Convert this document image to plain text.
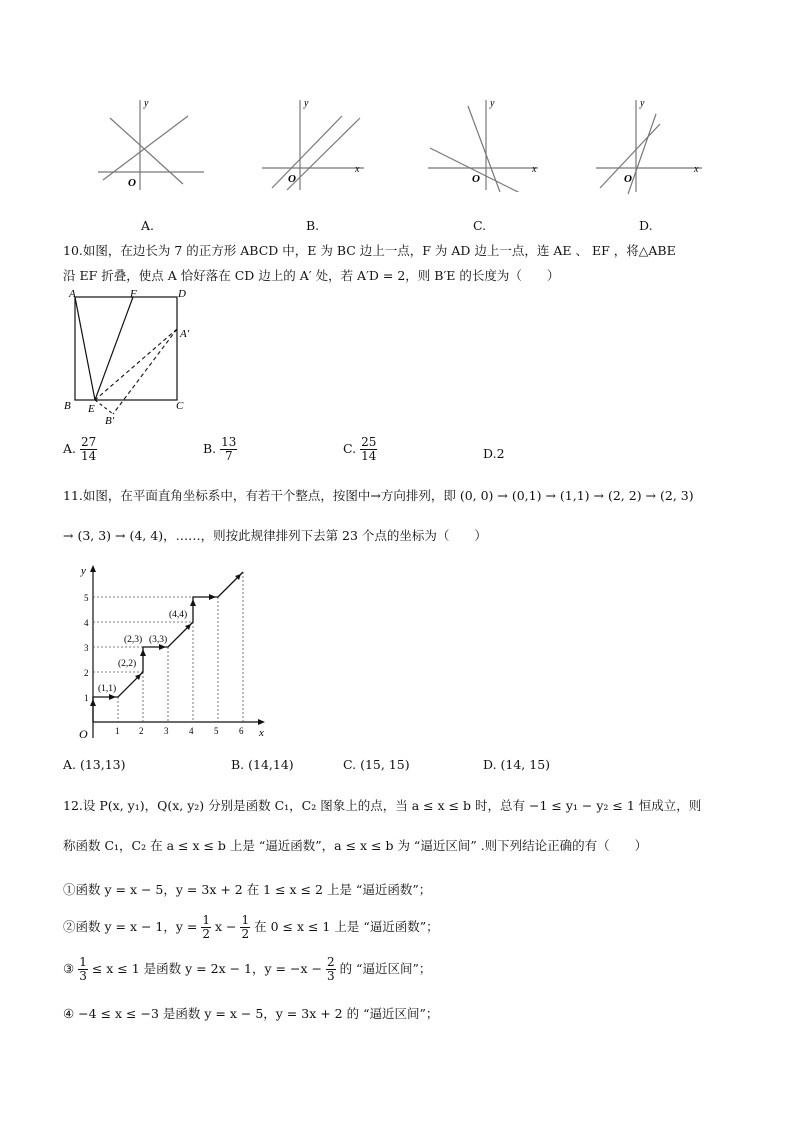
y
O
y
x
O
y
x
O
y
x
O
A.	B.	C.	D.
10.如图，在边长为 7 的正方形 ABCD 中，E 为 BC 边上一点，F 为 AD 边上一点，连 AE 、 EF ，将△ABE
沿 EF 折叠，使点 A 恰好落在 CD 边上的 A′ 处，若 A′D = 2，则 B′E 的长度为（　　）
A	F	D
A′
B E	C
B′
A. $\frac{27}{14}$	B. $\frac{13}{7}$	C. $\frac{25}{14}$	D.2
11.如图，在平面直角坐标系中，有若干个整点，按图中→方向排列，即 (0, 0) → (0,1) → (1,1) → (2, 2) → (2, 3)
→ (3, 3) → (4, 4)，……，则按此规律排列下去第 23 个点的坐标为（　　）
y
x
O	1 2 3 4 5 6
1
2
3
4
5
(1,1)
(2,2)
(2,3) (3,3)
(4,4)
A. (13,13)	B. (14,14)	C. (15, 15)	D. (14, 15)
12.设 P(x, y₁)，Q(x, y₂) 分别是函数 C₁，C₂ 图象上的点，当 a ≤ x ≤ b 时，总有 −1 ≤ y₁ − y₂ ≤ 1 恒成立，则
称函数 C₁，C₂ 在 a ≤ x ≤ b 上是 “逼近函数”，a ≤ x ≤ b 为 “逼近区间” .则下列结论正确的有（　　）
①函数 y = x − 5，y = 3x + 2 在 1 ≤ x ≤ 2 上是 “逼近函数”；
②函数 y = x − 1，$y = \frac{1}{2}$ $x - \frac{1}{2}$ 在 0 ≤ x ≤ 1 上是 “逼近函数”；
③ $\frac{1}{3} \le x \le 1$ 是函数 y = 2x − 1，$y = -x - \frac{2}{3}$ 的 “逼近区间”；
④ −4 ≤ x ≤ −3 是函数 y = x − 5，y = 3x + 2 的 “逼近区间”；
